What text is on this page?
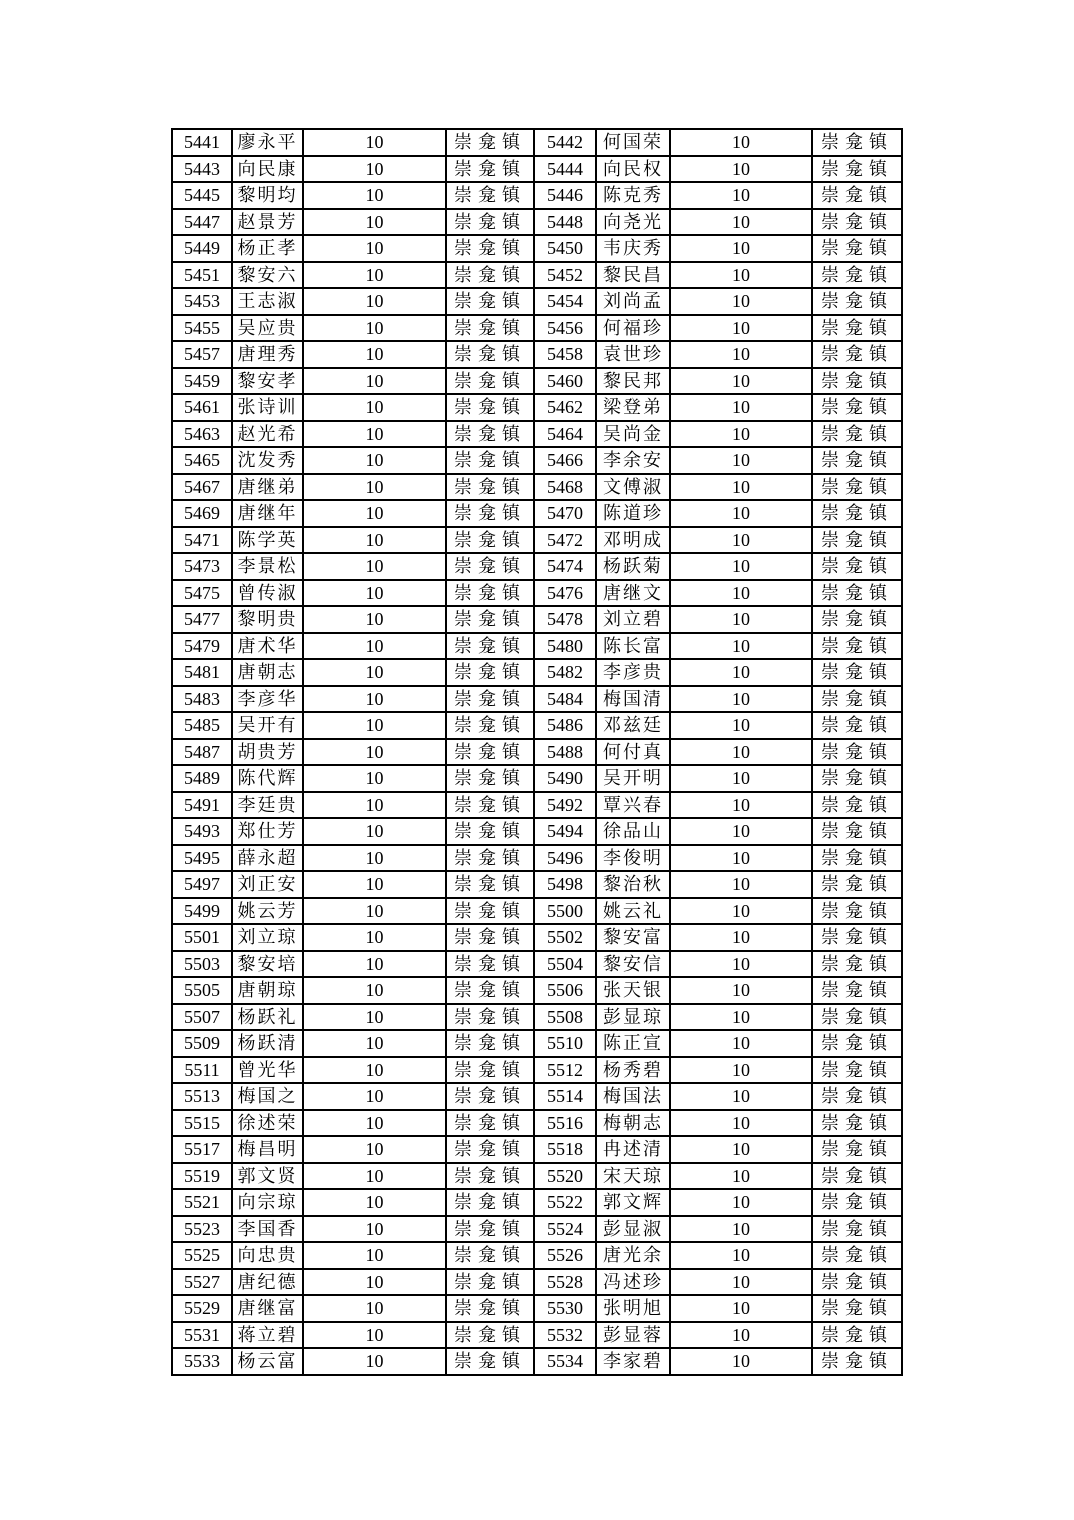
5441	廖永平	10	崇龛镇	5442	何国荣	10	崇龛镇
5443	向民康	10	崇龛镇	5444	向民权	10	崇龛镇
5445	黎明均	10	崇龛镇	5446	陈克秀	10	崇龛镇
5447	赵景芳	10	崇龛镇	5448	向尧光	10	崇龛镇
5449	杨正孝	10	崇龛镇	5450	韦庆秀	10	崇龛镇
5451	黎安六	10	崇龛镇	5452	黎民昌	10	崇龛镇
5453	王志淑	10	崇龛镇	5454	刘尚孟	10	崇龛镇
5455	吴应贵	10	崇龛镇	5456	何福珍	10	崇龛镇
5457	唐理秀	10	崇龛镇	5458	袁世珍	10	崇龛镇
5459	黎安孝	10	崇龛镇	5460	黎民邦	10	崇龛镇
5461	张诗训	10	崇龛镇	5462	梁登弟	10	崇龛镇
5463	赵光希	10	崇龛镇	5464	吴尚金	10	崇龛镇
5465	沈发秀	10	崇龛镇	5466	李余安	10	崇龛镇
5467	唐继弟	10	崇龛镇	5468	文傅淑	10	崇龛镇
5469	唐继年	10	崇龛镇	5470	陈道珍	10	崇龛镇
5471	陈学英	10	崇龛镇	5472	邓明成	10	崇龛镇
5473	李景松	10	崇龛镇	5474	杨跃菊	10	崇龛镇
5475	曾传淑	10	崇龛镇	5476	唐继文	10	崇龛镇
5477	黎明贵	10	崇龛镇	5478	刘立碧	10	崇龛镇
5479	唐术华	10	崇龛镇	5480	陈长富	10	崇龛镇
5481	唐朝志	10	崇龛镇	5482	李彦贵	10	崇龛镇
5483	李彦华	10	崇龛镇	5484	梅国清	10	崇龛镇
5485	吴开有	10	崇龛镇	5486	邓兹廷	10	崇龛镇
5487	胡贵芳	10	崇龛镇	5488	何付真	10	崇龛镇
5489	陈代辉	10	崇龛镇	5490	吴开明	10	崇龛镇
5491	李廷贵	10	崇龛镇	5492	覃兴春	10	崇龛镇
5493	郑仕芳	10	崇龛镇	5494	徐品山	10	崇龛镇
5495	薛永超	10	崇龛镇	5496	李俊明	10	崇龛镇
5497	刘正安	10	崇龛镇	5498	黎治秋	10	崇龛镇
5499	姚云芳	10	崇龛镇	5500	姚云礼	10	崇龛镇
5501	刘立琼	10	崇龛镇	5502	黎安富	10	崇龛镇
5503	黎安培	10	崇龛镇	5504	黎安信	10	崇龛镇
5505	唐朝琼	10	崇龛镇	5506	张天银	10	崇龛镇
5507	杨跃礼	10	崇龛镇	5508	彭显琼	10	崇龛镇
5509	杨跃清	10	崇龛镇	5510	陈正宣	10	崇龛镇
5511	曾光华	10	崇龛镇	5512	杨秀碧	10	崇龛镇
5513	梅国之	10	崇龛镇	5514	梅国法	10	崇龛镇
5515	徐述荣	10	崇龛镇	5516	梅朝志	10	崇龛镇
5517	梅昌明	10	崇龛镇	5518	冉述清	10	崇龛镇
5519	郭文贤	10	崇龛镇	5520	宋天琼	10	崇龛镇
5521	向宗琼	10	崇龛镇	5522	郭文辉	10	崇龛镇
5523	李国香	10	崇龛镇	5524	彭显淑	10	崇龛镇
5525	向忠贵	10	崇龛镇	5526	唐光余	10	崇龛镇
5527	唐纪德	10	崇龛镇	5528	冯述珍	10	崇龛镇
5529	唐继富	10	崇龛镇	5530	张明旭	10	崇龛镇
5531	蒋立碧	10	崇龛镇	5532	彭显蓉	10	崇龛镇
5533	杨云富	10	崇龛镇	5534	李家碧	10	崇龛镇
